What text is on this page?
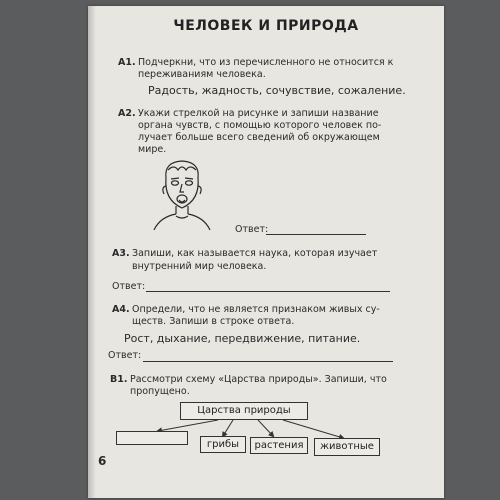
ЧЕЛОВЕК И ПРИРОДА
А1. Подчеркни, что из перечисленного не относится к
переживаниям человека.
Радость, жадность, сочувствие, сожаление.
А2. Укажи стрелкой на рисунке и запиши название
органа чувств, с помощью которого человек по-
лучает больше всего сведений об окружающем
мире.
Ответ:
А3. Запиши, как называется наука, которая изучает
внутренний мир человека.
Ответ:
А4. Определи, что не является признаком живых су-
ществ. Запиши в строке ответа.
Рост, дыхание, передвижение, питание.
Ответ:
В1. Рассмотри схему «Царства природы». Запиши, что
пропущено.
Царства природы
грибы	растения	животные
6
